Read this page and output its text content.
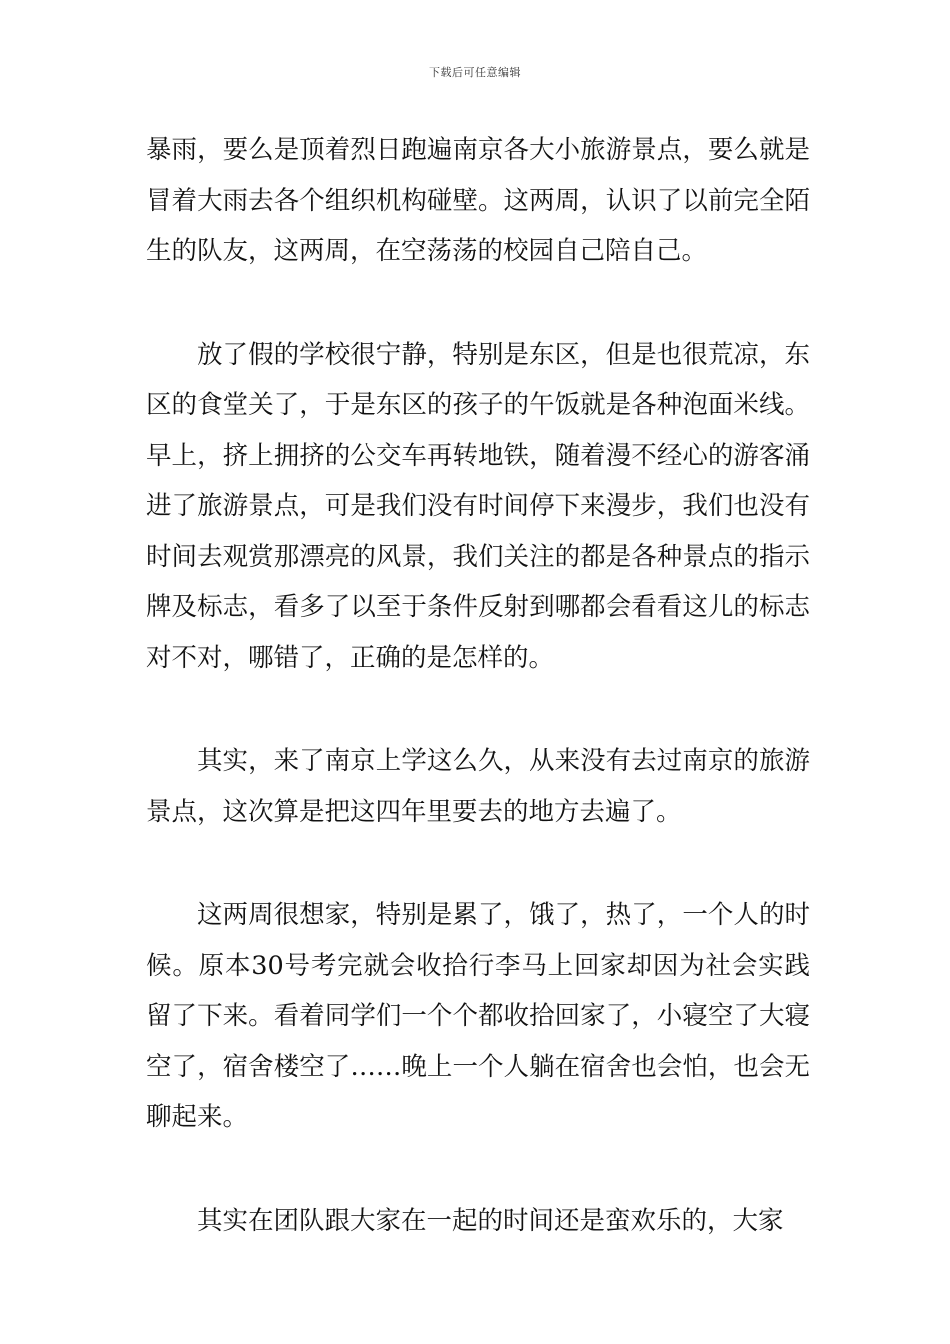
下载后可任意编辑

暴雨，要么是顶着烈日跑遍南京各大小旅游景点，要么就是冒着大雨去各个组织机构碰壁。这两周，认识了以前完全陌生的队友，这两周，在空荡荡的校园自己陪自己。

放了假的学校很宁静，特别是东区，但是也很荒凉，东区的食堂关了，于是东区的孩子的午饭就是各种泡面米线。早上，挤上拥挤的公交车再转地铁，随着漫不经心的游客涌进了旅游景点，可是我们没有时间停下来漫步，我们也没有时间去观赏那漂亮的风景，我们关注的都是各种景点的指示牌及标志，看多了以至于条件反射到哪都会看看这儿的标志对不对，哪错了，正确的是怎样的。

其实，来了南京上学这么久，从来没有去过南京的旅游景点，这次算是把这四年里要去的地方去遍了。

这两周很想家，特别是累了，饿了，热了，一个人的时候。原本30号考完就会收拾行李马上回家却因为社会实践留了下来。看着同学们一个个都收拾回家了，小寝空了大寝空了，宿舍楼空了……晚上一个人躺在宿舍也会怕，也会无聊起来。

其实在团队跟大家在一起的时间还是蛮欢乐的，大家
